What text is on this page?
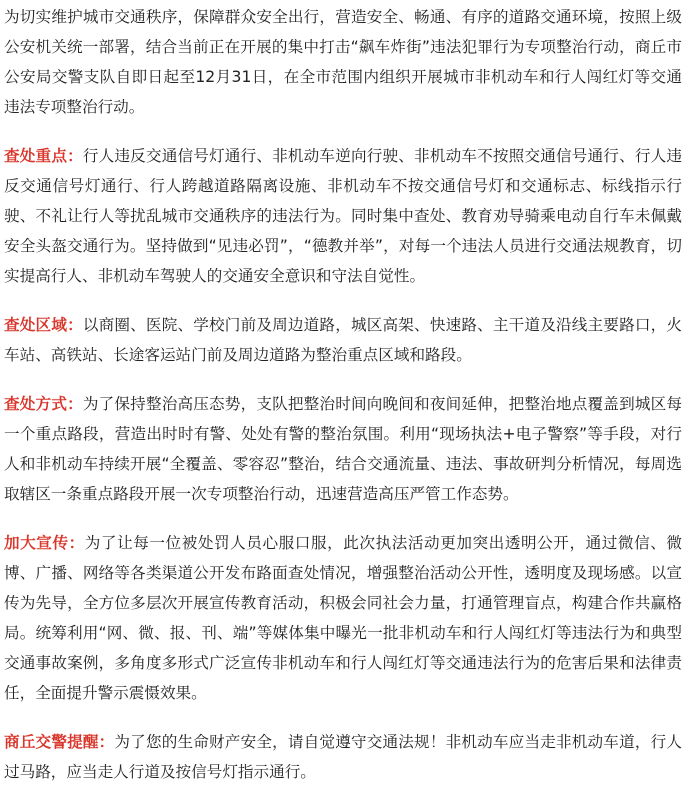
为切实维护城市交通秩序，保障群众安全出行，营造安全、畅通、有序的道路交通环境，按照上级公安机关统一部署，结合当前正在开展的集中打击“飙车炸街”违法犯罪行为专项整治行动，商丘市公安局交警支队自即日起至12月31日，在全市范围内组织开展城市非机动车和行人闯红灯等交通违法专项整治行动。

查处重点：行人违反交通信号灯通行、非机动车逆向行驶、非机动车不按照交通信号通行、行人违反交通信号灯通行、行人跨越道路隔离设施、非机动车不按交通信号灯和交通标志、标线指示行驶、不礼让行人等扰乱城市交通秩序的违法行为。同时集中查处、教育劝导骑乘电动自行车未佩戴安全头盔交通行为。坚持做到“见违必罚”，“德教并举”，对每一个违法人员进行交通法规教育，切实提高行人、非机动车驾驶人的交通安全意识和守法自觉性。

查处区域：以商圈、医院、学校门前及周边道路，城区高架、快速路、主干道及沿线主要路口，火车站、高铁站、长途客运站门前及周边道路为整治重点区域和路段。

查处方式：为了保持整治高压态势，支队把整治时间向晚间和夜间延伸，把整治地点覆盖到城区每一个重点路段，营造出时时有警、处处有警的整治氛围。利用“现场执法+电子警察”等手段，对行人和非机动车持续开展“全覆盖、零容忍”整治，结合交通流量、违法、事故研判分析情况，每周选取辖区一条重点路段开展一次专项整治行动，迅速营造高压严管工作态势。

加大宣传：为了让每一位被处罚人员心服口服，此次执法活动更加突出透明公开，通过微信、微博、广播、网络等各类渠道公开发布路面查处情况，增强整治活动公开性，透明度及现场感。以宣传为先导，全方位多层次开展宣传教育活动，积极会同社会力量，打通管理盲点，构建合作共赢格局。统筹利用“网、微、报、刊、端”等媒体集中曝光一批非机动车和行人闯红灯等违法行为和典型交通事故案例，多角度多形式广泛宣传非机动车和行人闯红灯等交通违法行为的危害后果和法律责任，全面提升警示震慑效果。

商丘交警提醒：为了您的生命财产安全，请自觉遵守交通法规！非机动车应当走非机动车道，行人过马路，应当走人行道及按信号灯指示通行。
